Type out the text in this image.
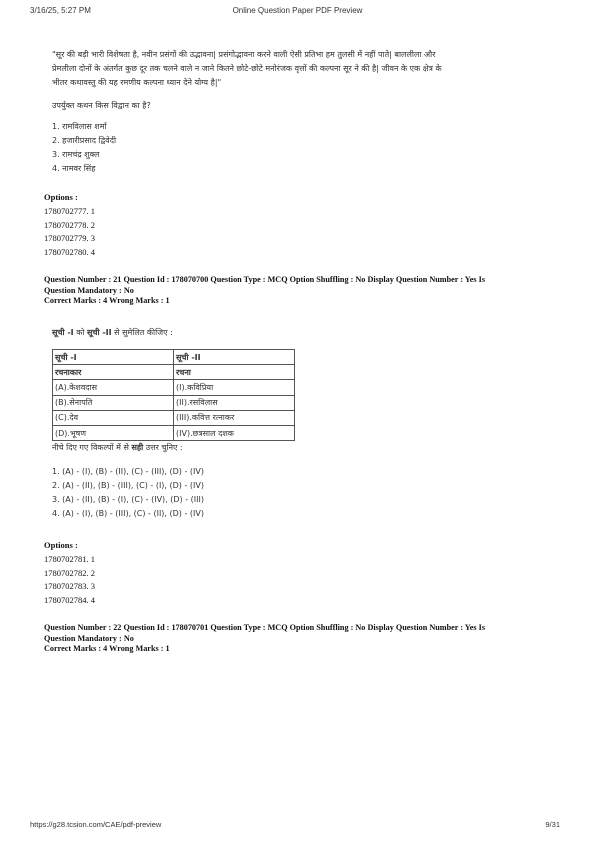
3/16/25, 5:27 PM	Online Question Paper PDF Preview
"सूर की बड़ी भारी विशेषता है, नवीन प्रसंगों की उद्भावना| प्रसंगोद्भावना करने वाली ऐसी प्रतिभा हम तुलसी में नहीं पाते| बाललीला और
प्रेमलीला दोनों के अंतर्गत कुछ दूर तक चलने वाले न जाने कितने छोटे-छोटे मनोरंजक वृत्तों की कल्पना सूर ने की है| जीवन के एक क्षेत्र के
भीतर कथावस्तु की यह रमणीय कल्पना ध्यान देने योग्य है|"
उपर्युक्त कथन किस विद्वान का है?
1. रामविलास शर्मा
2. हजारीप्रसाद द्विवेदी
3. रामचंद्र शुक्ल
4. नामवर सिंह
Options :
1780702777. 1
1780702778. 2
1780702779. 3
1780702780. 4
Question Number : 21 Question Id : 178070700 Question Type : MCQ Option Shuffling : No Display Question Number : Yes Is
Question Mandatory : No
Correct Marks : 4 Wrong Marks : 1
सूची -I को सूची -II से सुमेलित कीजिए :
सूची -I	सूची -II
रचनाकार	रचना
(A).केशवदास	(I).कविप्रिया
(B).सेनापति	(II).रसविलास
(C).देव	(III).कवित्त रत्नाकर
(D).भूषण	(IV).छत्रसाल दशक
नीचे दिए गए विकल्पों में से सही उत्तर चुनिए :
1. (A) - (I), (B) - (II), (C) - (III), (D) - (IV)
2. (A) - (II), (B) - (III), (C) - (I), (D) - (IV)
3. (A) - (II), (B) - (I), (C) - (IV), (D) - (III)
4. (A) - (I), (B) - (III), (C) - (II), (D) - (IV)
Options :
1780702781. 1
1780702782. 2
1780702783. 3
1780702784. 4
Question Number : 22 Question Id : 178070701 Question Type : MCQ Option Shuffling : No Display Question Number : Yes Is
Question Mandatory : No
Correct Marks : 4 Wrong Marks : 1
https://g28.tcsion.com/CAE/pdf-preview	9/31
